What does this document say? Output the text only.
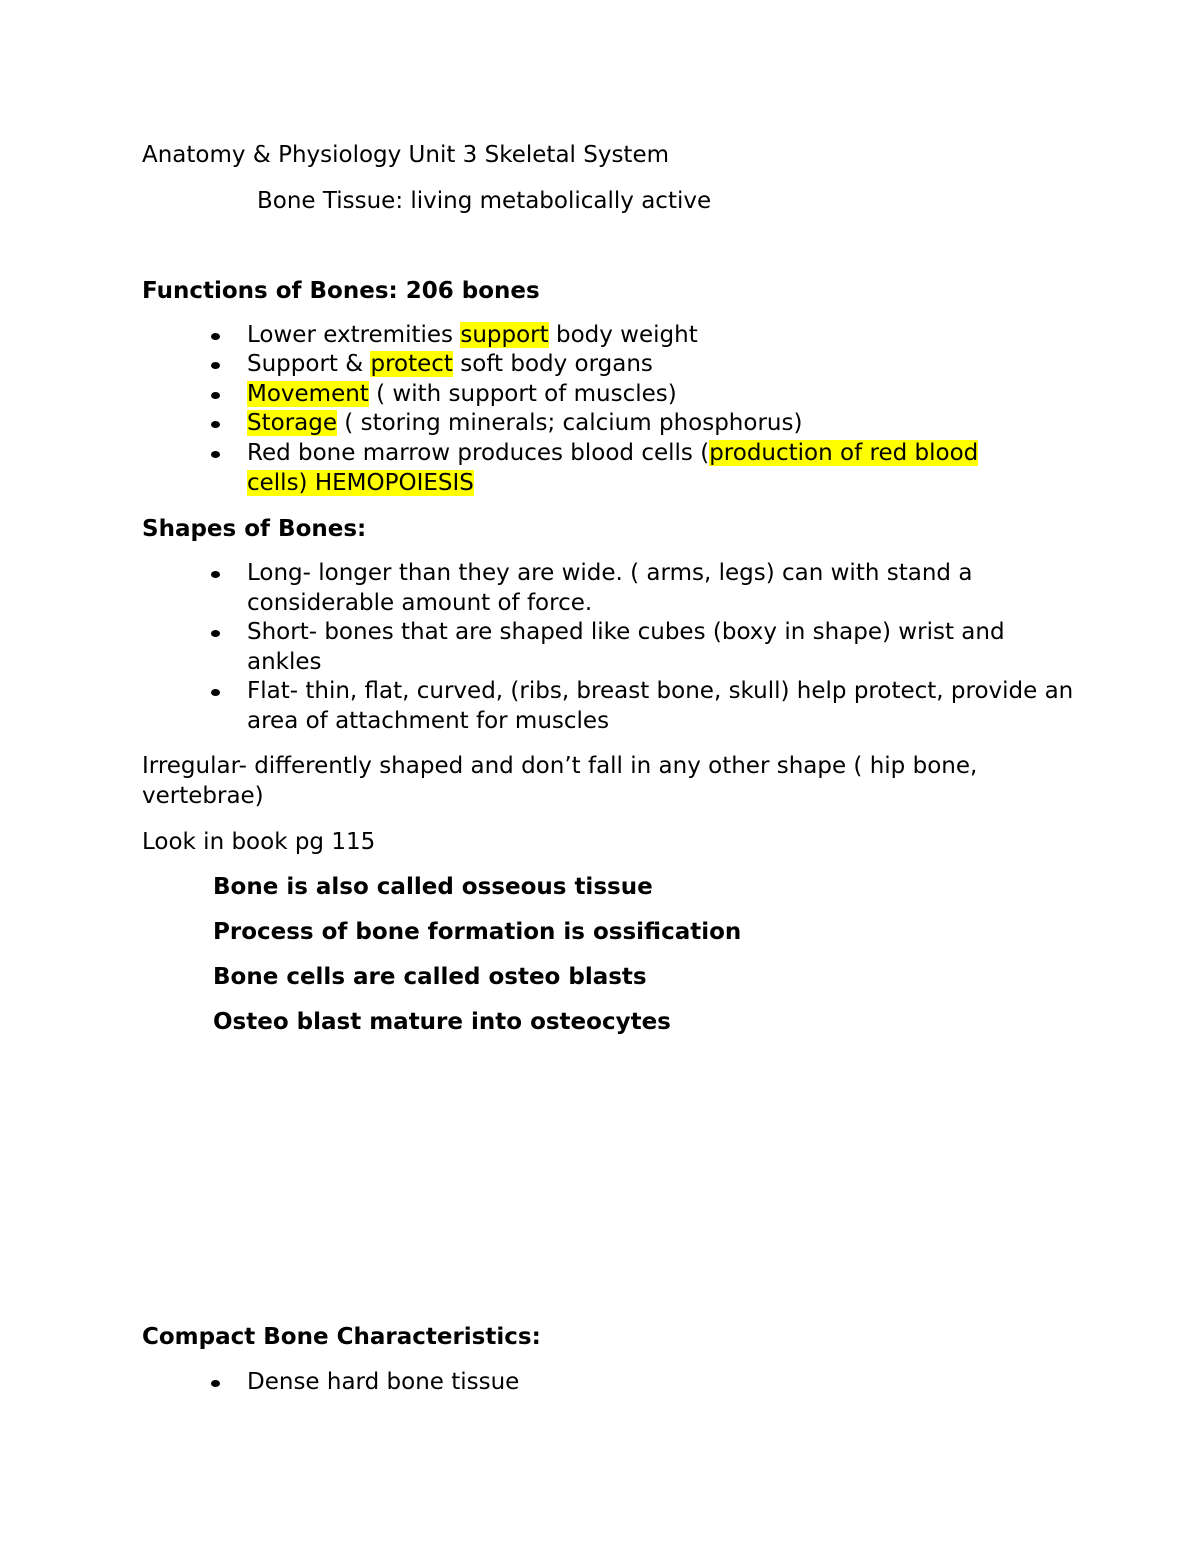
Anatomy & Physiology Unit 3 Skeletal System
Bone Tissue: living metabolically active
Functions of Bones: 206 bones
Lower extremities support body weight
Support & protect soft body organs
Movement ( with support of muscles)
Storage ( storing minerals; calcium phosphorus)
Red bone marrow produces blood cells (production of red blood cells) HEMOPOIESIS
Shapes of Bones:
Long- longer than they are wide. ( arms, legs) can with stand a considerable amount of force.
Short- bones that are shaped like cubes (boxy in shape) wrist and ankles
Flat- thin, flat, curved, (ribs, breast bone, skull) help protect, provide an area of attachment for muscles
Irregular- differently shaped and don’t fall in any other shape ( hip bone, vertebrae)
Look in book pg 115
Bone is also called osseous tissue
Process of bone formation is ossification
Bone cells are called osteo blasts
Osteo blast mature into osteocytes
Compact Bone Characteristics:
Dense hard bone tissue
